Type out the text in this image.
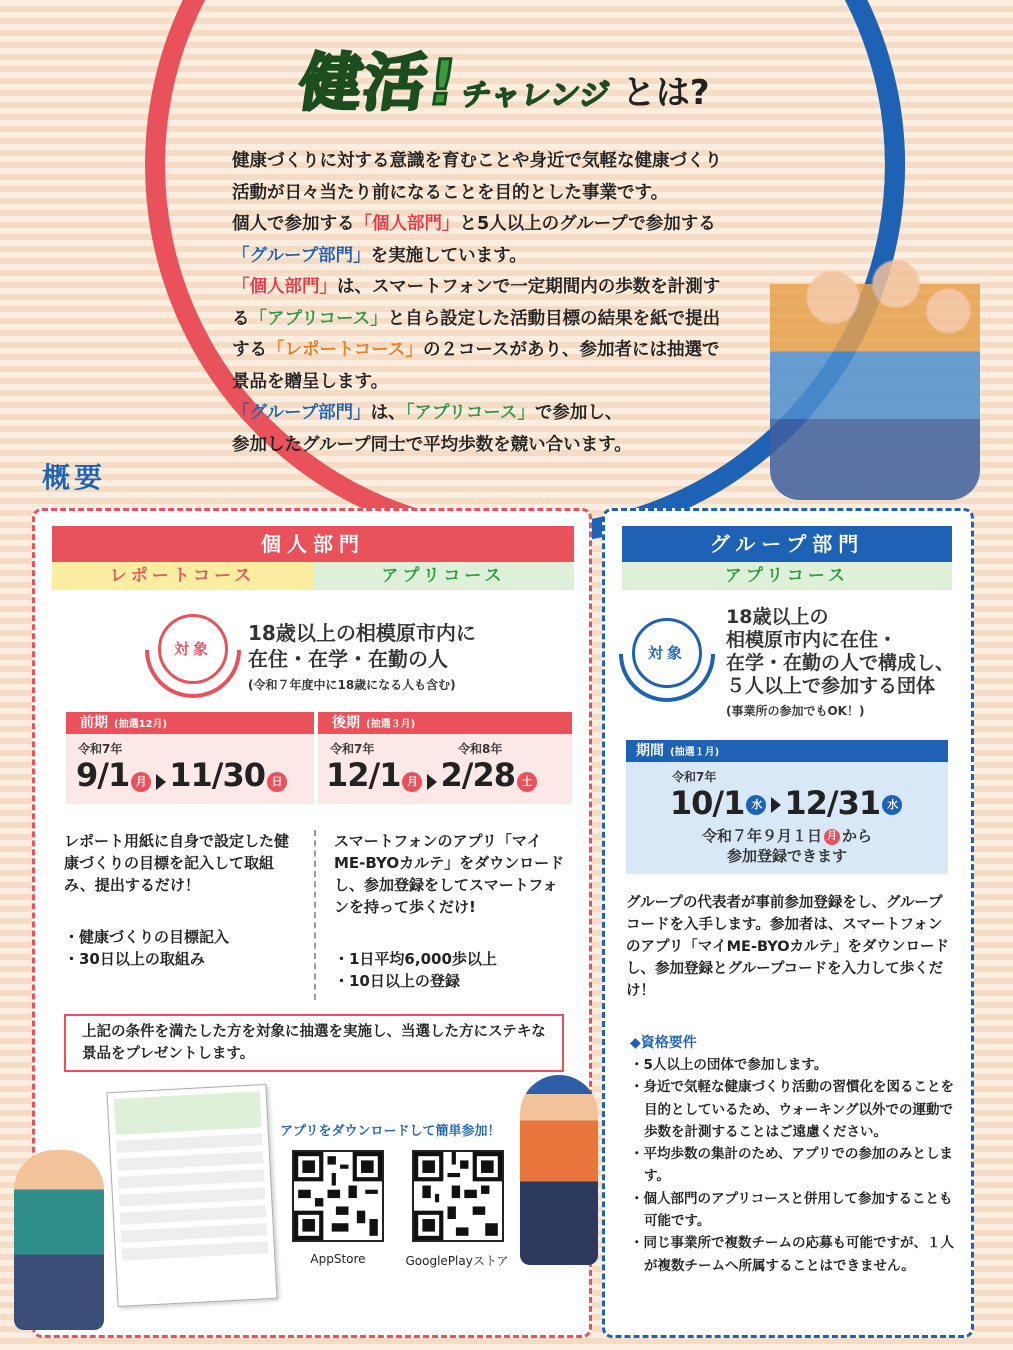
健活!
チャレンジ とは?

健康づくりに対する意識を育むことや身近で気軽な健康づくり

活動が日々当たり前になることを目的とした事業です。

個人で参加する「個人部門」と5人以上のグループで参加する

「グループ部門」を実施しています。

「個人部門」は、スマートフォンで一定期間内の歩数を計測す

る「アプリコース」と自ら設定した活動目標の結果を紙で提出

する「レポートコース」の２コースがあり、参加者には抽選で

景品を贈呈します。

「グループ部門」は、「アプリコース」で参加し、

参加したグループ同士で平均歩数を競い合います。

概要
個人部門
レポートコース	アプリコース
対象
18歳以上の相模原市内に
在住・在学・在勤の人
(令和７年度中に18歳になる人も含む)
前期 (抽選12月)	後期 (抽選３月)
令和7年
9/1 月 11/30 日
令和7年	令和8年
12/1 月 2/28 土
レポート用紙に自身で設定した健康づくりの目標を記入して取組み、提出するだけ！
スマートフォンのアプリ「マイME-BYOカルテ」をダウンロードし、参加登録をしてスマートフォンを持って歩くだけ!
・健康づくりの目標記入
・30日以上の取組み	・1日平均6,000歩以上
・10日以上の登録
上記の条件を満たした方を対象に抽選を実施し、当選した方にステキな景品をプレゼントします。
アプリをダウンロードして簡単参加！
AppStore	GooglePlayストア
グループ部門
アプリコース
対象
18歳以上の
相模原市内に在住・
在学・在勤の人で構成し、
５人以上で参加する団体
(事業所の参加でもOK！)
期間 (抽選１月)
令和7年
10/1 水 12/31 水
令和７年９月１日 月 から
参加登録できます
グループの代表者が事前参加登録をし、グループコードを入手します。参加者は、スマートフォンのアプリ「マイME-BYOカルテ」をダウンロードし、参加登録とグループコードを入力して歩くだけ！
◆資格要件
・5人以上の団体で参加します。
・身近で気軽な健康づくり活動の習慣化を図ることを目的としているため、ウォーキング以外での運動で歩数を計測することはご遠慮ください。
・平均歩数の集計のため、アプリでの参加のみとします。
・個人部門のアプリコースと併用して参加することも可能です。
・同じ事業所で複数チームの応募も可能ですが、１人が複数チームへ所属することはできません。
